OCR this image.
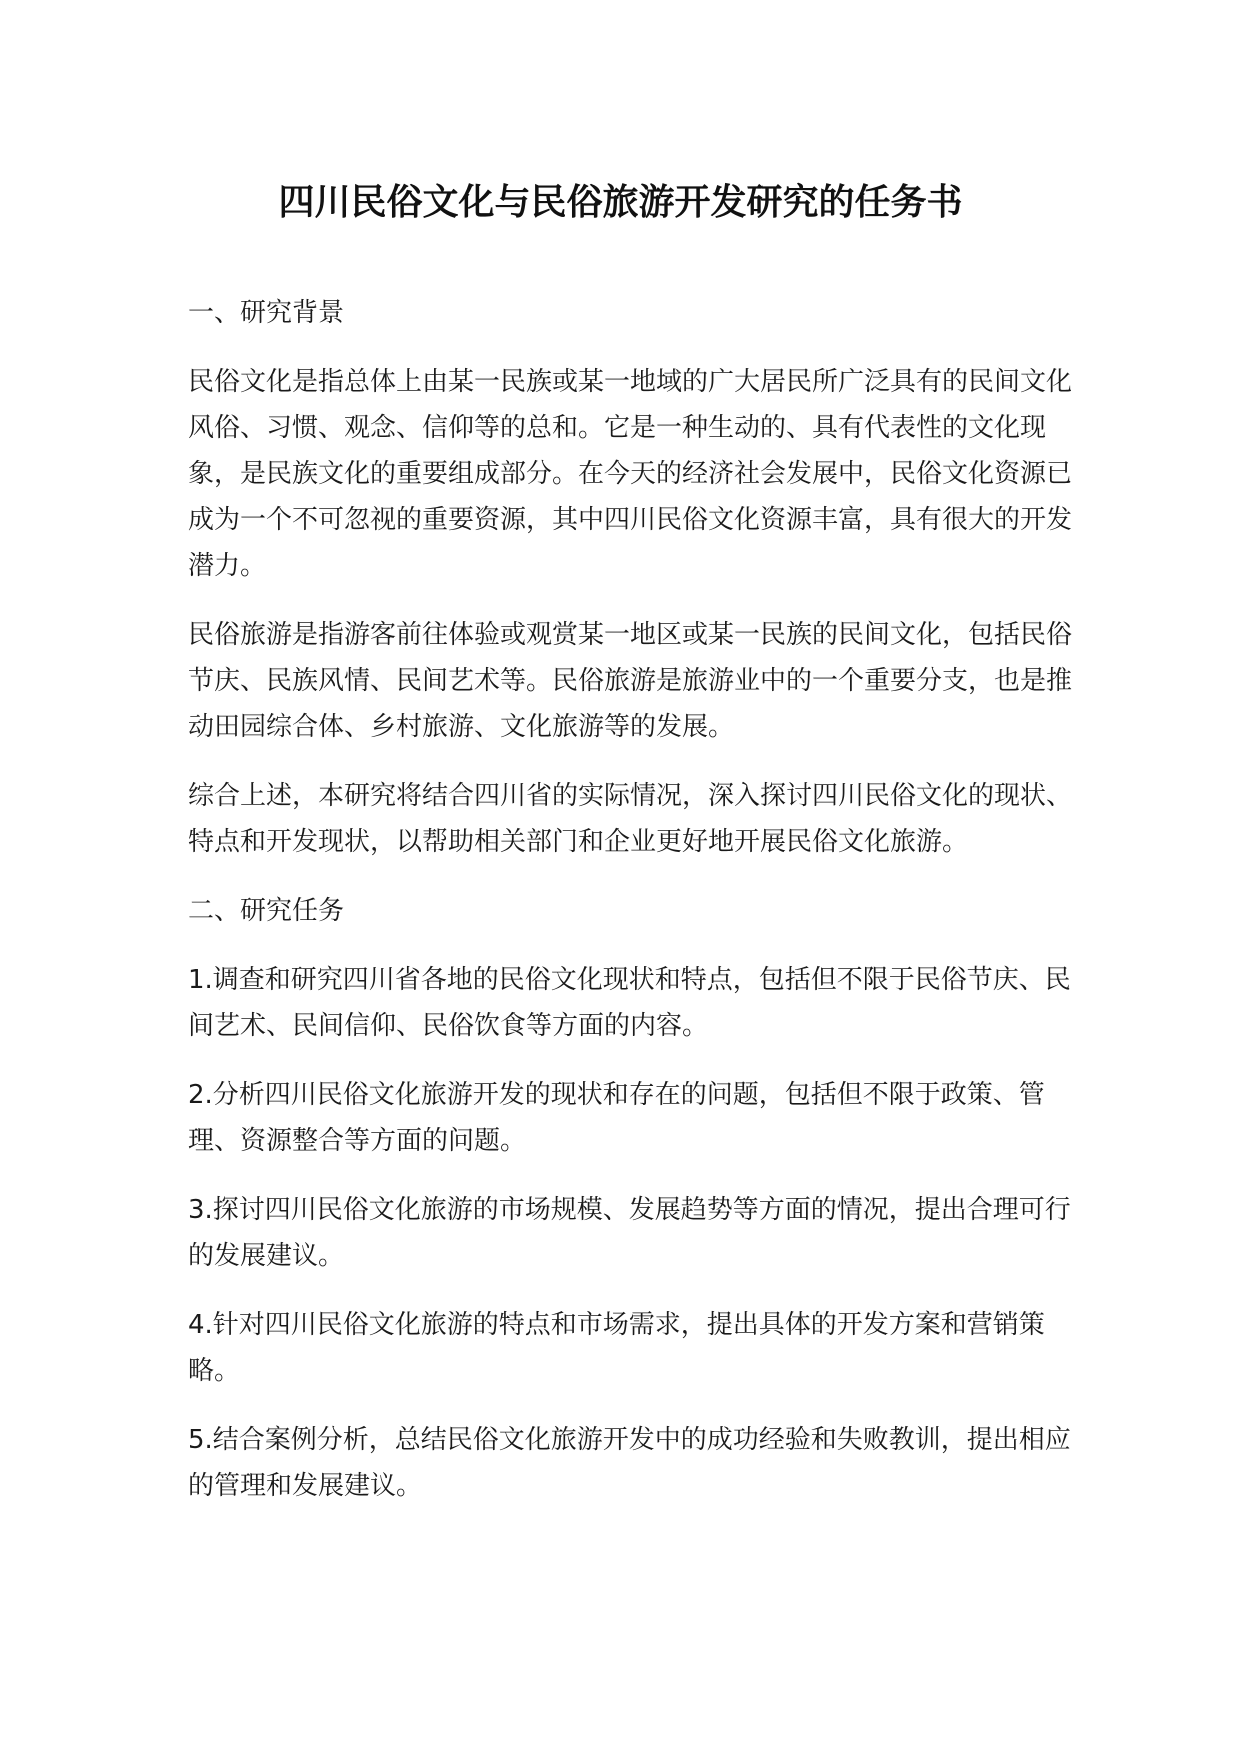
四川民俗文化与民俗旅游开发研究的任务书
一、研究背景

民俗文化是指总体上由某一民族或某一地域的广大居民所广泛具有的民间文化风俗、习惯、观念、信仰等的总和。它是一种生动的、具有代表性的文化现象，是民族文化的重要组成部分。在今天的经济社会发展中，民俗文化资源已成为一个不可忽视的重要资源，其中四川民俗文化资源丰富，具有很大的开发潜力。

民俗旅游是指游客前往体验或观赏某一地区或某一民族的民间文化，包括民俗节庆、民族风情、民间艺术等。民俗旅游是旅游业中的一个重要分支，也是推动田园综合体、乡村旅游、文化旅游等的发展。

综合上述，本研究将结合四川省的实际情况，深入探讨四川民俗文化的现状、特点和开发现状，以帮助相关部门和企业更好地开展民俗文化旅游。

二、研究任务

1.调查和研究四川省各地的民俗文化现状和特点，包括但不限于民俗节庆、民间艺术、民间信仰、民俗饮食等方面的内容。

2.分析四川民俗文化旅游开发的现状和存在的问题，包括但不限于政策、管理、资源整合等方面的问题。

3.探讨四川民俗文化旅游的市场规模、发展趋势等方面的情况，提出合理可行的发展建议。

4.针对四川民俗文化旅游的特点和市场需求，提出具体的开发方案和营销策略。

5.结合案例分析，总结民俗文化旅游开发中的成功经验和失败教训，提出相应的管理和发展建议。
